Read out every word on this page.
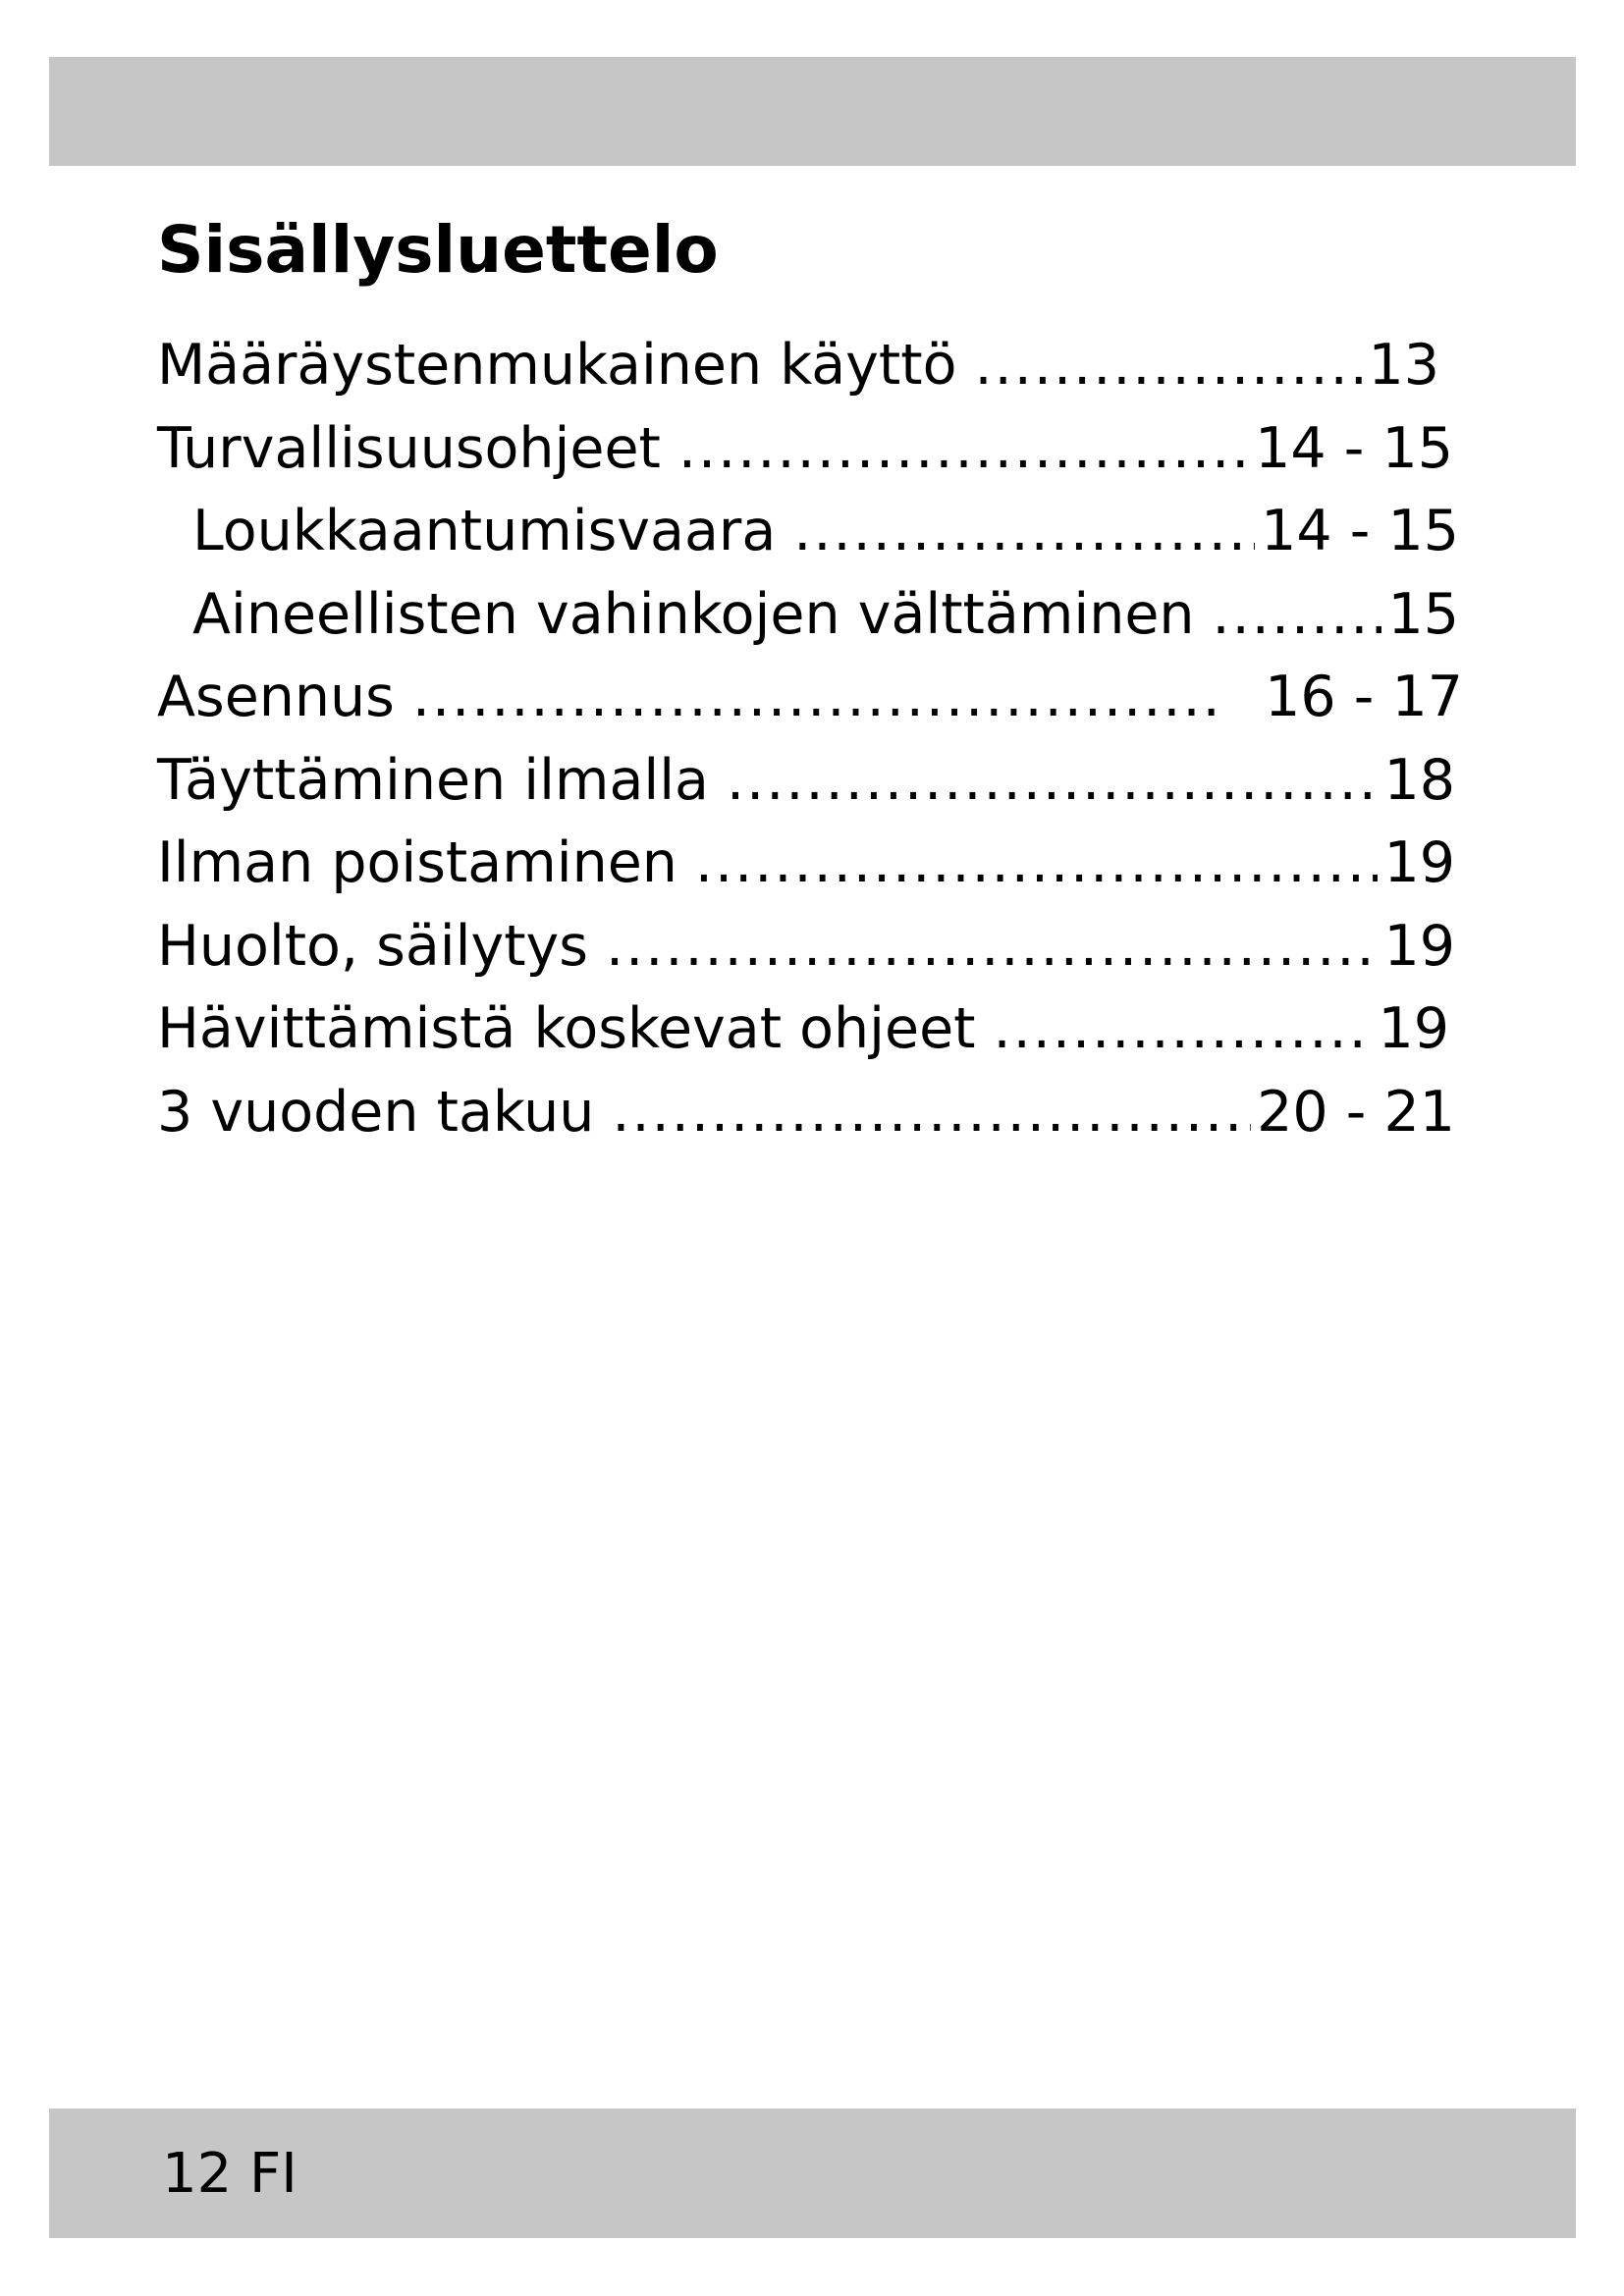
Sisällysluettelo
Määräystenmukainen käyttö .....	13
Turvallisuusohjeet .....	14 - 15
Loukkaantumisvaara .....	14 - 15
Aineellisten vahinkojen välttäminen .....	15
Asennus .....	16 - 17
Täyttäminen ilmalla .....	18
Ilman poistaminen .....	19
Huolto, säilytys .....	19
Hävittämistä koskevat ohjeet .....	19
3 vuoden takuu .....	20 - 21
12 FI
